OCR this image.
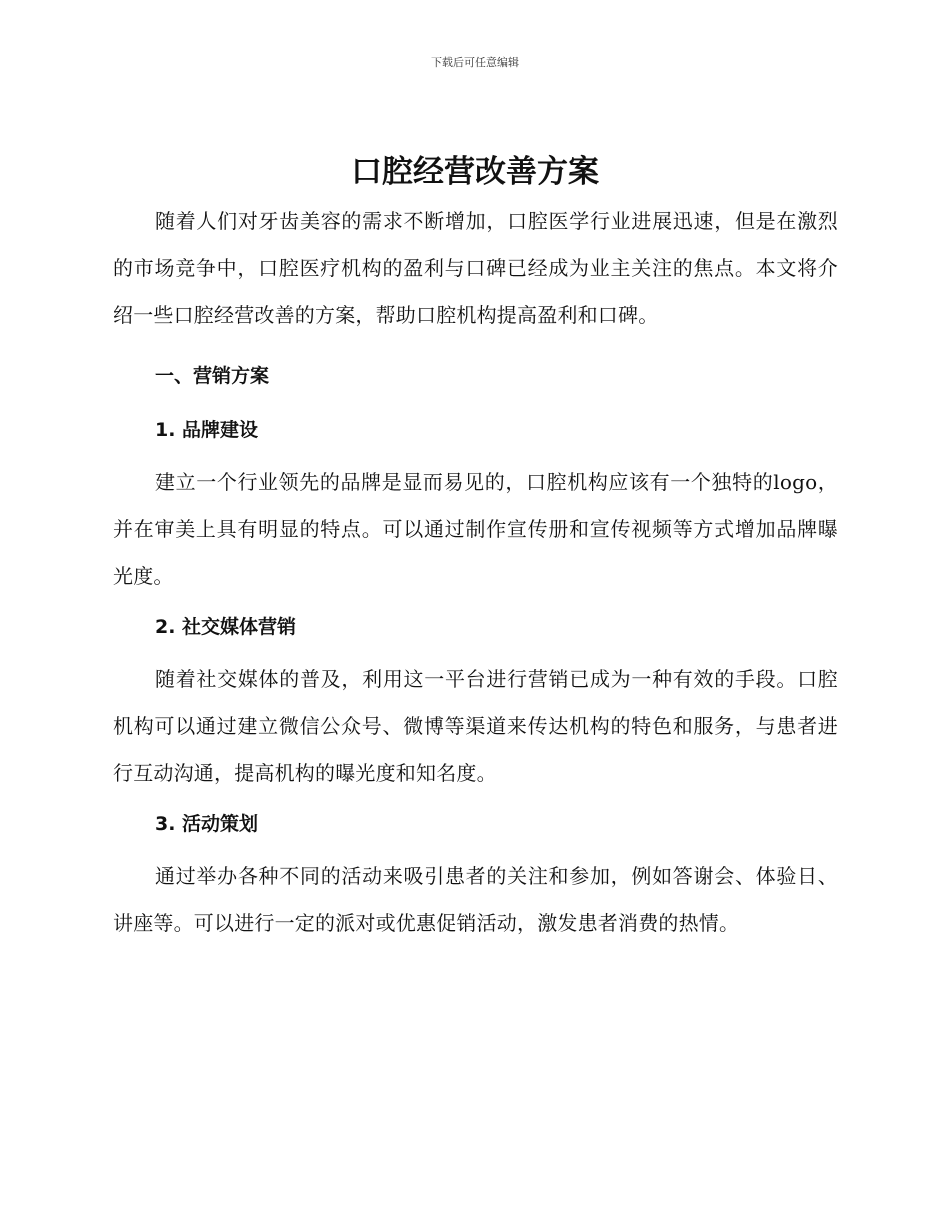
下载后可任意编辑
口腔经营改善方案

随着人们对牙齿美容的需求不断增加，口腔医学行业进展迅速，但是在激烈的市场竞争中，口腔医疗机构的盈利与口碑已经成为业主关注的焦点。本文将介绍一些口腔经营改善的方案，帮助口腔机构提高盈利和口碑。

一、营销方案
1. 品牌建设

建立一个行业领先的品牌是显而易见的，口腔机构应该有一个独特的logo，并在审美上具有明显的特点。可以通过制作宣传册和宣传视频等方式增加品牌曝光度。

2. 社交媒体营销

随着社交媒体的普及，利用这一平台进行营销已成为一种有效的手段。口腔机构可以通过建立微信公众号、微博等渠道来传达机构的特色和服务，与患者进行互动沟通，提高机构的曝光度和知名度。

3. 活动策划

通过举办各种不同的活动来吸引患者的关注和参加，例如答谢会、体验日、讲座等。可以进行一定的派对或优惠促销活动，激发患者消费的热情。
